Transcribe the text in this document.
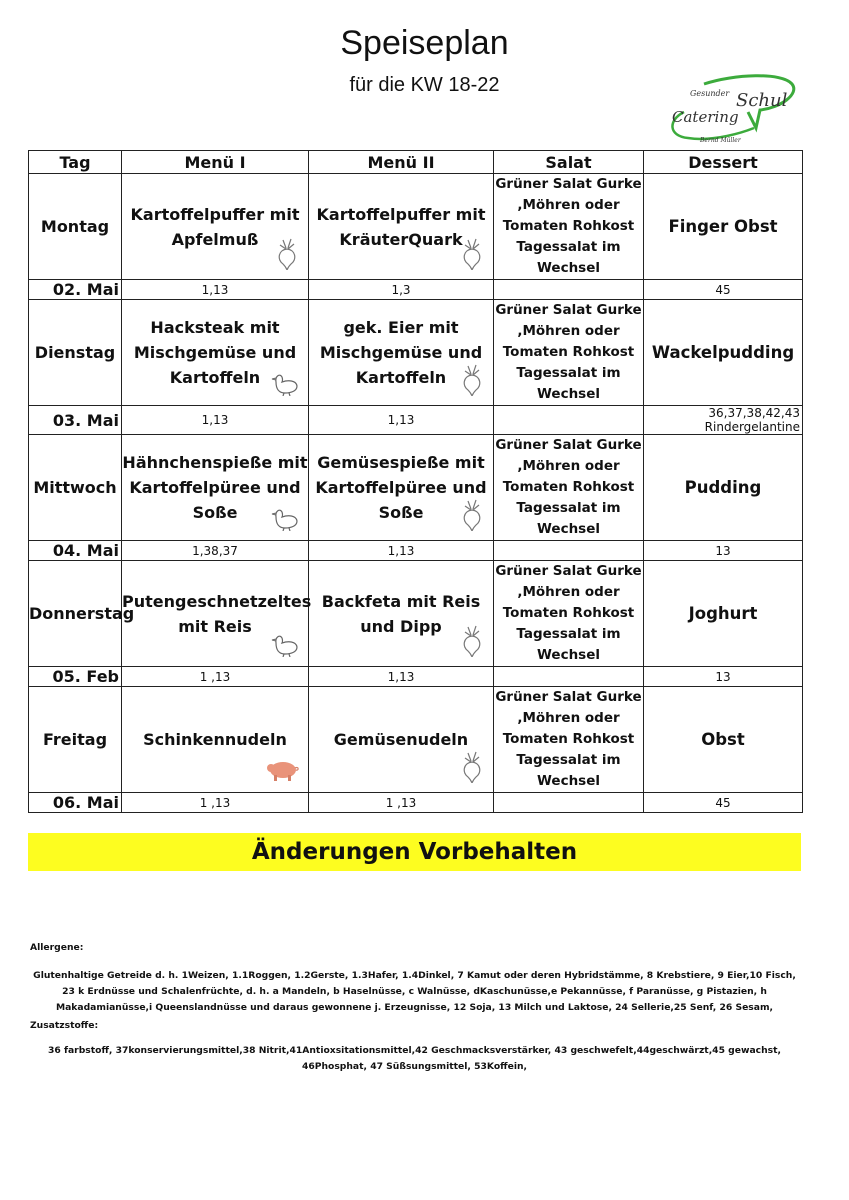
Speiseplan
für die KW 18-22	Gesunder Schul
Catering
Bernd Müller
Tag	Menü I	Menü II	Salat	Dessert
Montag	Kartoffelpuffer mit Apfelmuß	Kartoffelpuffer mit KräuterQuark	Grüner Salat Gurke ,Möhren oder Tomaten Rohkost Tagessalat im Wechsel	Finger Obst
02. Mai	1,13	1,3		45
Dienstag	Hacksteak mit Mischgemüse und Kartoffeln	gek. Eier mit Mischgemüse und Kartoffeln	Grüner Salat Gurke ,Möhren oder Tomaten Rohkost Tagessalat im Wechsel	Wackelpudding
03. Mai	1,13	1,13		36,37,38,42,43 Rindergelantine
Mittwoch	Hähnchenspieße mit Kartoffelpüree und Soße	Gemüsespieße mit Kartoffelpüree und Soße	Grüner Salat Gurke ,Möhren oder Tomaten Rohkost Tagessalat im Wechsel	Pudding
04. Mai	1,38,37	1,13		13
Donnerstag	Putengeschnetzeltes mit Reis	Backfeta mit Reis und Dipp	Grüner Salat Gurke ,Möhren oder Tomaten Rohkost Tagessalat im Wechsel	Joghurt
05. Feb	1 ,13	1,13		13
Freitag	Schinkennudeln	Gemüsenudeln	Grüner Salat Gurke ,Möhren oder Tomaten Rohkost Tagessalat im Wechsel	Obst
06. Mai	1 ,13	1 ,13		45
Änderungen Vorbehalten
Allergene:
Glutenhaltige Getreide d. h. 1Weizen, 1.1Roggen, 1.2Gerste, 1.3Hafer, 1.4Dinkel, 7 Kamut oder deren Hybridstämme, 8 Krebstiere, 9 Eier,10 Fisch, 23 k Erdnüsse und Schalenfrüchte, d. h. a Mandeln, b Haselnüsse, c Walnüsse, dKaschunüsse,e Pekannüsse, f Paranüsse, g Pistazien, h Makadamianüsse,i Queenslandnüsse und daraus gewonnene j. Erzeugnisse, 12 Soja, 13 Milch und Laktose, 24 Sellerie,25 Senf, 26 Sesam,
Zusatzstoffe:
36 farbstoff, 37konservierungsmittel,38 Nitrit,41Antioxsitationsmittel,42 Geschmacksverstärker, 43 geschwefelt,44geschwärzt,45 gewachst, 46Phosphat, 47 Süßsungsmittel, 53Koffein,
